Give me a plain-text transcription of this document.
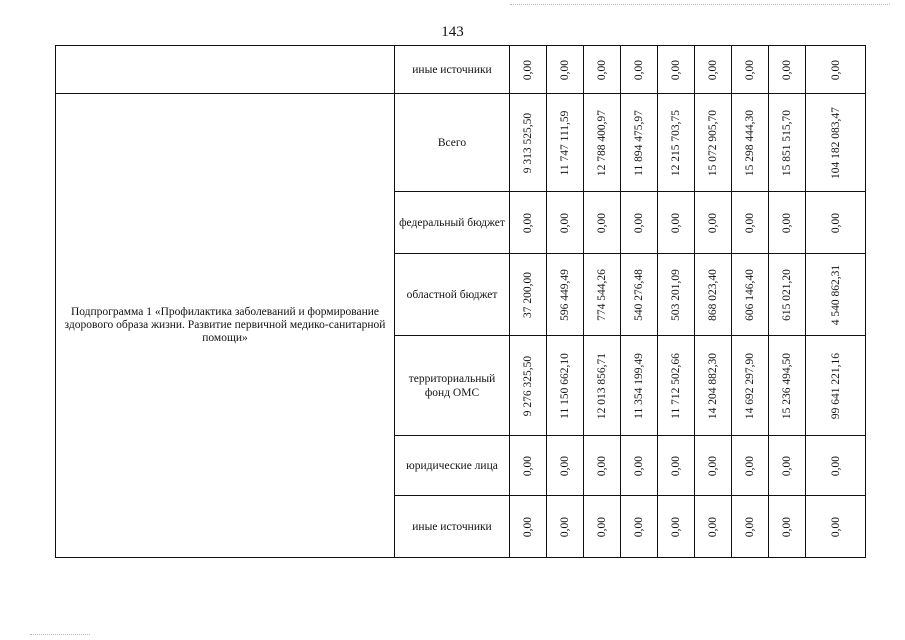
143
	иные источники	0,00	0,00	0,00	0,00	0,00	0,00	0,00	0,00	0,00

Подпрограмма 1 «Профилактика заболеваний и формирование здорового образа жизни. Развитие первичной медико-санитарной помощи»	Всего	9 313 525,50	11 747 111,59	12 788 400,97	11 894 475,97	12 215 703,75	15 072 905,70	15 298 444,30	15 851 515,70	104 182 083,47

	федеральный бюджет	0,00	0,00	0,00	0,00	0,00	0,00	0,00	0,00	0,00

	областной бюджет	37 200,00	596 449,49	774 544,26	540 276,48	503 201,09	868 023,40	606 146,40	615 021,20	4 540 862,31

	территориальный фонд ОМС	9 276 325,50	11 150 662,10	12 013 856,71	11 354 199,49	11 712 502,66	14 204 882,30	14 692 297,90	15 236 494,50	99 641 221,16

	юридические лица	0,00	0,00	0,00	0,00	0,00	0,00	0,00	0,00	0,00

	иные источники	0,00	0,00	0,00	0,00	0,00	0,00	0,00	0,00	0,00
